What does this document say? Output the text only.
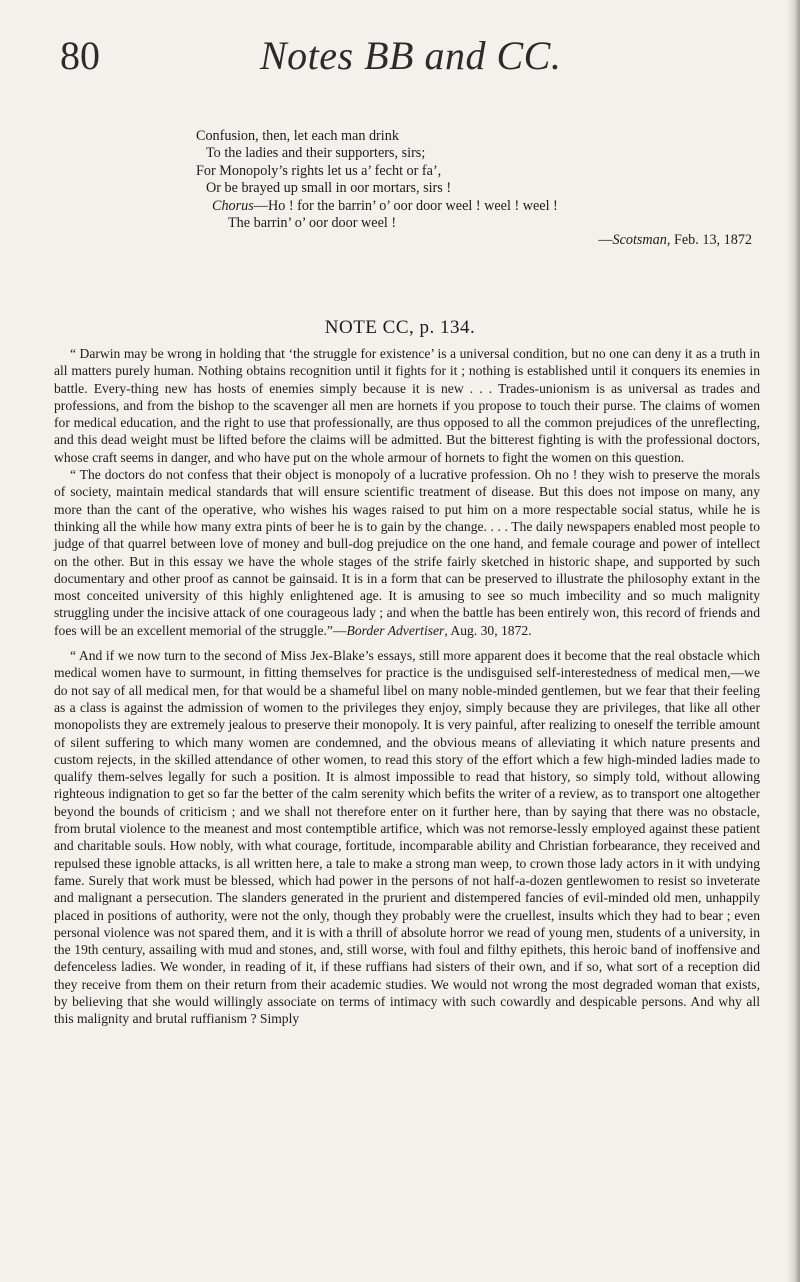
80	Notes BB and CC.
Confusion, then, let each man drink
To the ladies and their supporters, sirs;
For Monopoly’s rights let us a’ fecht or fa’,
Or be brayed up small in oor mortars, sirs !
Chorus—Ho ! for the barrin’ o’ oor door weel ! weel ! weel !
The barrin’ o’ oor door weel !
—Scotsman, Feb. 13, 1872
NOTE CC, p. 134.

“ Darwin may be wrong in holding that ‘the struggle for existence’ is a universal condition, but no one can deny it as a truth in all matters purely human. Nothing obtains recognition until it fights for it ; nothing is established until it conquers its enemies in battle. Every-thing new has hosts of enemies simply because it is new . . . Trades-unionism is as universal as trades and professions, and from the bishop to the scavenger all men are hornets if you propose to touch their purse. The claims of women for medical education, and the right to use that professionally, are thus opposed to all the common prejudices of the unreflecting, and this dead weight must be lifted before the claims will be admitted. But the bitterest fighting is with the professional doctors, whose craft seems in danger, and who have put on the whole armour of hornets to fight the women on this question.

“ The doctors do not confess that their object is monopoly of a lucrative profession. Oh no ! they wish to preserve the morals of society, maintain medical standards that will ensure scientific treatment of disease. But this does not impose on many, any more than the cant of the operative, who wishes his wages raised to put him on a more respectable social status, while he is thinking all the while how many extra pints of beer he is to gain by the change. . . . The daily newspapers enabled most people to judge of that quarrel between love of money and bull-dog prejudice on the one hand, and female courage and power of intellect on the other. But in this essay we have the whole stages of the strife fairly sketched in historic shape, and supported by such documentary and other proof as cannot be gainsaid. It is in a form that can be preserved to illustrate the philosophy extant in the most conceited university of this highly enlightened age. It is amusing to see so much imbecility and so much malignity struggling under the incisive attack of one courageous lady ; and when the battle has been entirely won, this record of friends and foes will be an excellent memorial of the struggle.”—Border Advertiser, Aug. 30, 1872.

“ And if we now turn to the second of Miss Jex-Blake’s essays, still more apparent does it become that the real obstacle which medical women have to surmount, in fitting themselves for practice is the undisguised self-interestedness of medical men,—we do not say of all medical men, for that would be a shameful libel on many noble-minded gentlemen, but we fear that their feeling as a class is against the admission of women to the privileges they enjoy, simply because they are privileges, that like all other monopolists they are extremely jealous to preserve their monopoly. It is very painful, after realizing to oneself the terrible amount of silent suffering to which many women are condemned, and the obvious means of alleviating it which nature presents and custom rejects, in the skilled attendance of other women, to read this story of the effort which a few high-minded ladies made to qualify them-selves legally for such a position. It is almost impossible to read that history, so simply told, without allowing righteous indignation to get so far the better of the calm serenity which befits the writer of a review, as to transport one altogether beyond the bounds of criticism ; and we shall not therefore enter on it further here, than by saying that there was no obstacle, from brutal violence to the meanest and most contemptible artifice, which was not remorse-lessly employed against these patient and charitable souls. How nobly, with what courage, fortitude, incomparable ability and Christian forbearance, they received and repulsed these ignoble attacks, is all written here, a tale to make a strong man weep, to crown those lady actors in it with undying fame. Surely that work must be blessed, which had power in the persons of not half-a-dozen gentlewomen to resist so inveterate and malignant a persecution. The slanders generated in the prurient and distempered fancies of evil-minded old men, unhappily placed in positions of authority, were not the only, though they probably were the cruellest, insults which they had to bear ; even personal violence was not spared them, and it is with a thrill of absolute horror we read of young men, students of a university, in the 19th century, assailing with mud and stones, and, still worse, with foul and filthy epithets, this heroic band of inoffensive and defenceless ladies. We wonder, in reading of it, if these ruffians had sisters of their own, and if so, what sort of a reception did they receive from them on their return from their academic studies. We would not wrong the most degraded woman that exists, by believing that she would willingly associate on terms of intimacy with such cowardly and despicable persons. And why all this malignity and brutal ruffianism ? Simply
